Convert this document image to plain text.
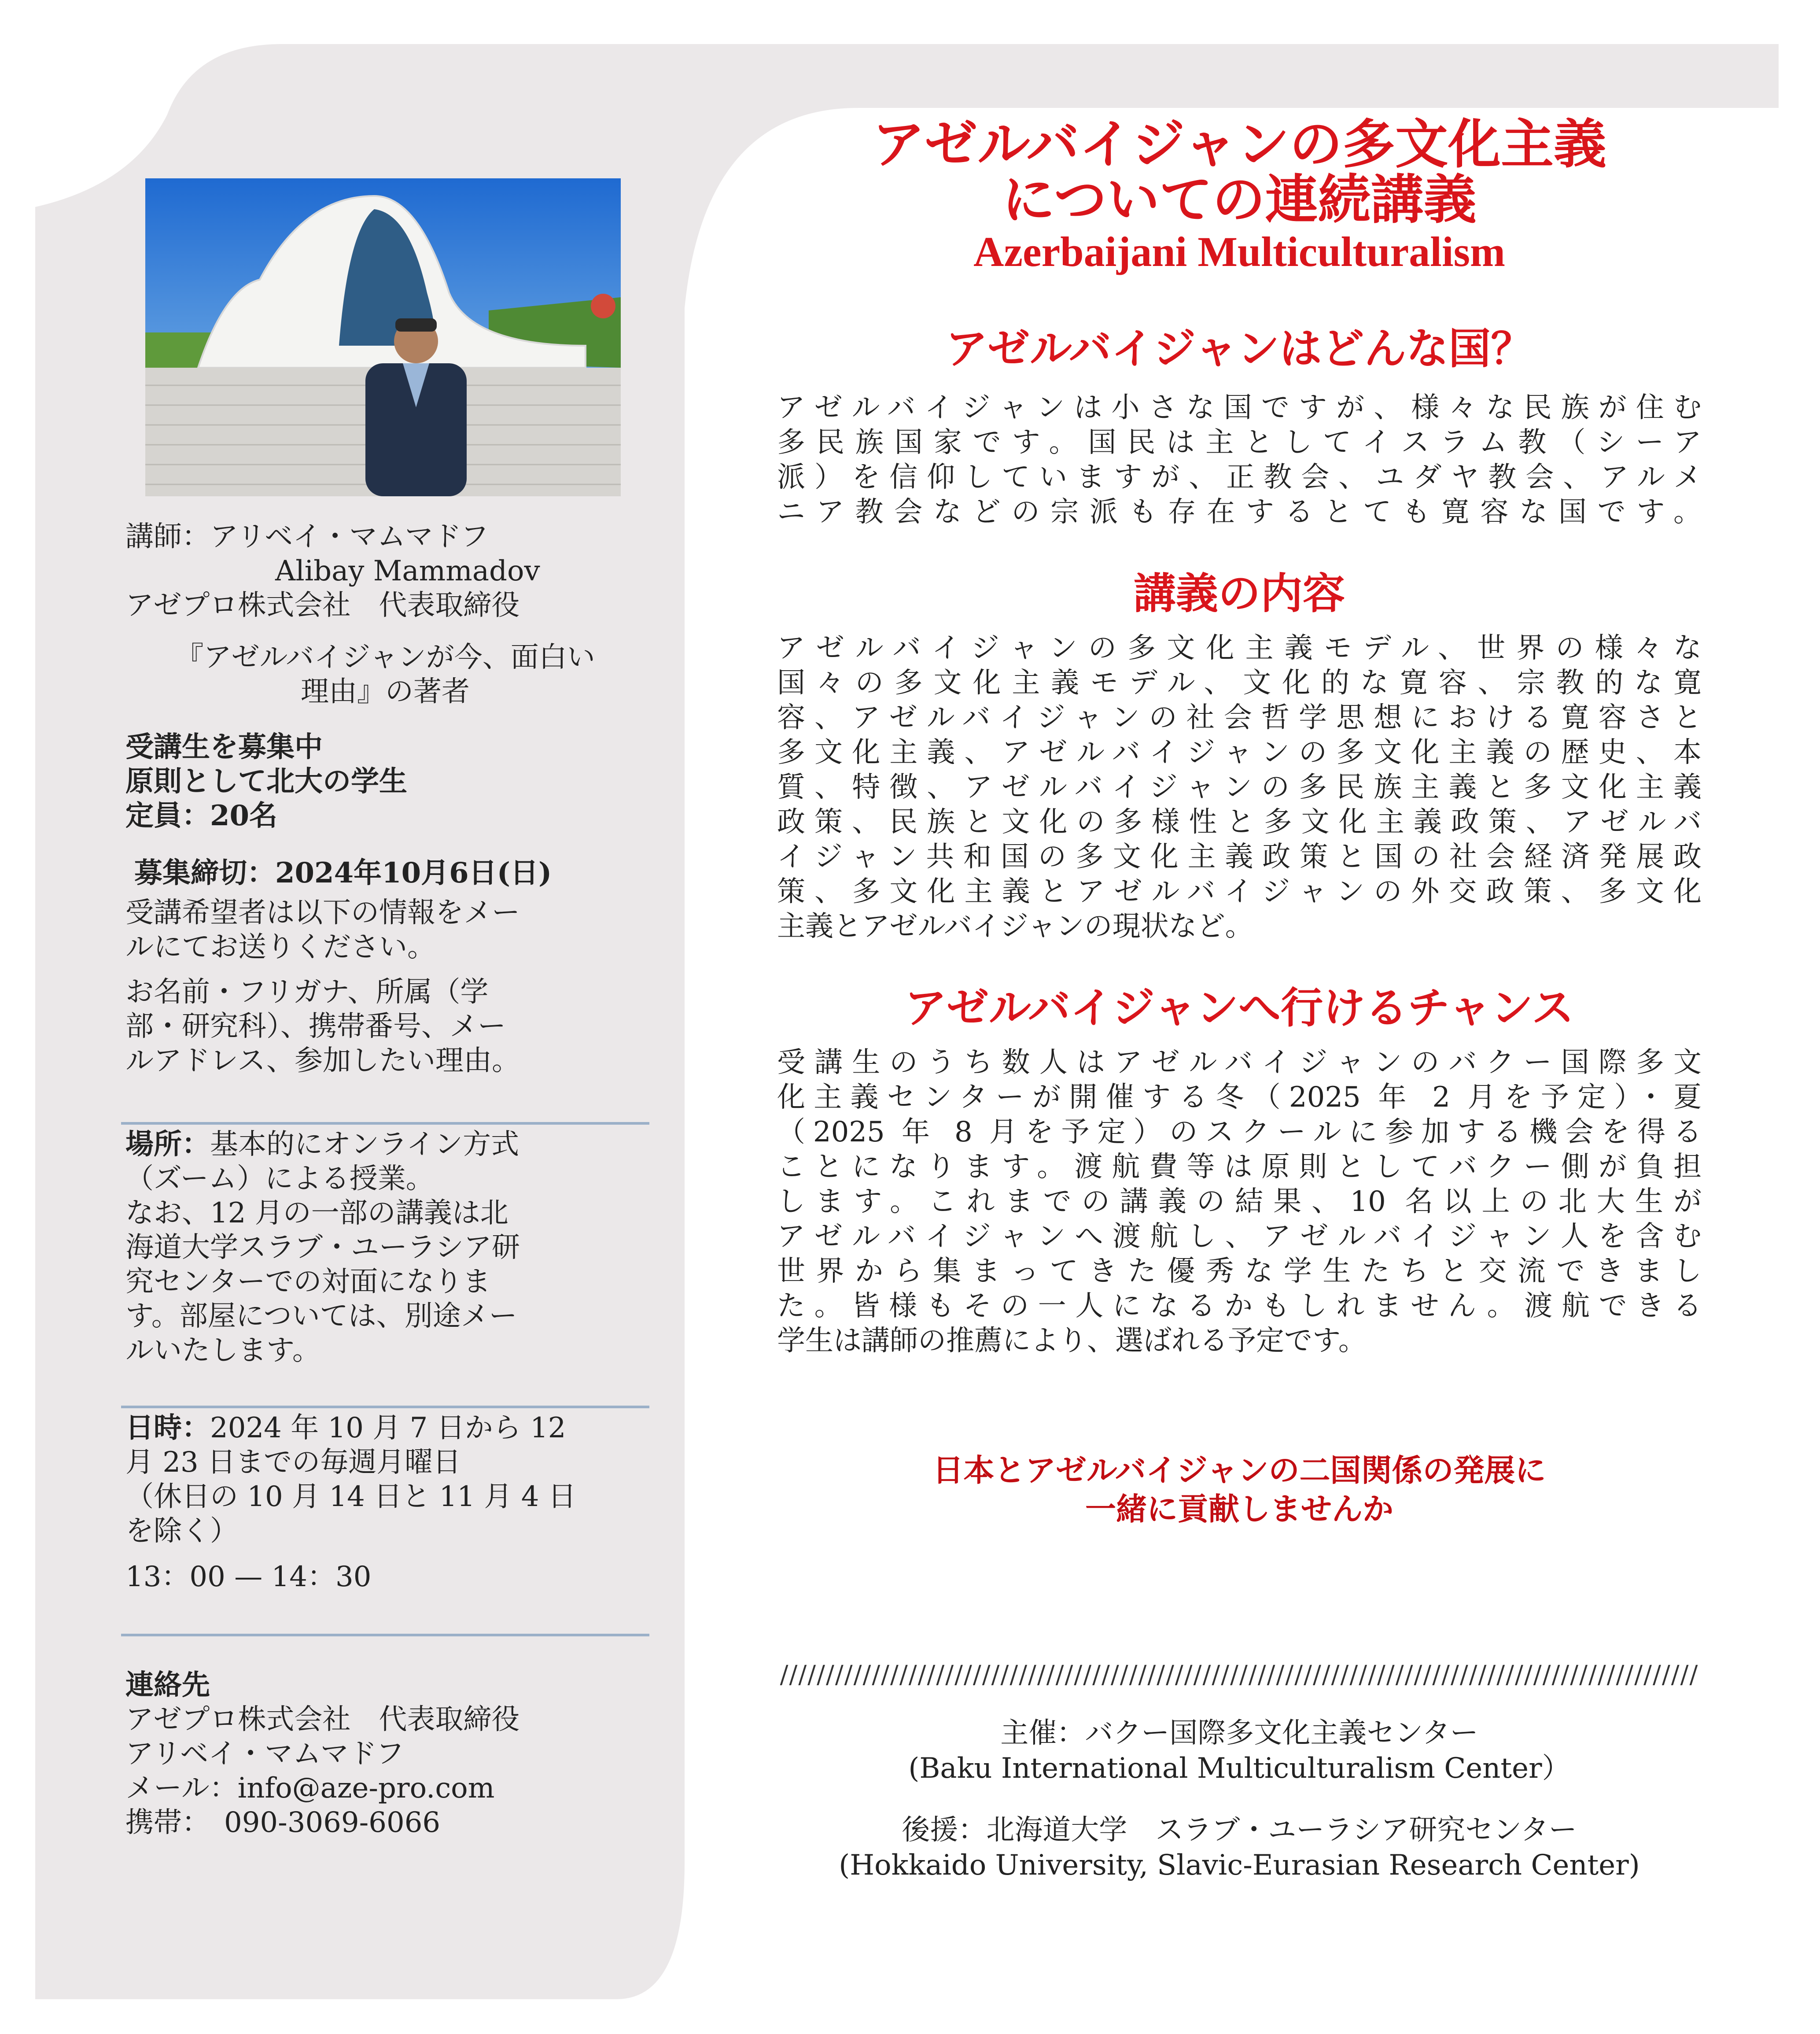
講師：アリベイ・マムマドフ
Alibay Mammadov
アゼプロ株式会社　代表取締役
『アゼルバイジャンが今、面白い
理由』の著者
受講生を募集中
原則として北大の学生
定員：20名
募集締切：2024年10月6日(日)
受講希望者は以下の情報をメー
ルにてお送りください。
お名前・フリガナ、所属（学
部・研究科）、携帯番号、メー
ルアドレス、参加したい理由。
場所：基本的にオンライン方式
（ズーム）による授業。
なお、12 月の一部の講義は北
海道大学スラブ・ユーラシア研
究センターでの対面になりま
す。部屋については、別途メー
ルいたします。
日時：2024 年 10 月 7 日から 12
月 23 日までの毎週月曜日
（休日の 10 月 14 日と 11 月 4 日
を除く）
13：00 — 14：30
連絡先
アゼプロ株式会社　代表取締役
アリベイ・マムマドフ
メール：info@aze-pro.com
携帯：　090-3069-6066
アゼルバイジャンの多文化主義
についての連続講義
Azerbaijani Multiculturalism
アゼルバイジャンはどんな国？
アゼルバイジャンは小さな国ですが、様々な民族が住む
多民族国家です。国民は主としてイスラム教（シーア
派）を信仰していますが、正教会、ユダヤ教会、アルメ
ニア教会などの宗派も存在するとても寛容な国です。
講義の内容
アゼルバイジャンの多文化主義モデル、世界の様々な
国々の多文化主義モデル、文化的な寛容、宗教的な寛
容、アゼルバイジャンの社会哲学思想における寛容さと
多文化主義、アゼルバイジャンの多文化主義の歴史、本
質、特徴、アゼルバイジャンの多民族主義と多文化主義
政策、民族と文化の多様性と多文化主義政策、アゼルバ
イジャン共和国の多文化主義政策と国の社会経済発展政
策、多文化主義とアゼルバイジャンの外交政策、多文化
主義とアゼルバイジャンの現状など。
アゼルバイジャンへ行けるチャンス
受講生のうち数人はアゼルバイジャンのバクー国際多文
化主義センターが開催する冬（2025 年 2 月を予定）・夏
（2025 年 8 月を予定）のスクールに参加する機会を得る
ことになります。渡航費等は原則としてバクー側が負担
します。これまでの講義の結果、10 名以上の北大生が
アゼルバイジャンへ渡航し、アゼルバイジャン人を含む
世界から集まってきた優秀な学生たちと交流できまし
た。皆様もその一人になるかもしれません。渡航できる
学生は講師の推薦により、選ばれる予定です。
日本とアゼルバイジャンの二国関係の発展に
一緒に貢献しませんか
////////////////////////////////////////////////////////////////////////////////////////////////////
主催：バクー国際多文化主義センター
(Baku International Multiculturalism Center）
後援：北海道大学　スラブ・ユーラシア研究センター
(Hokkaido University, Slavic-Eurasian Research Center)
